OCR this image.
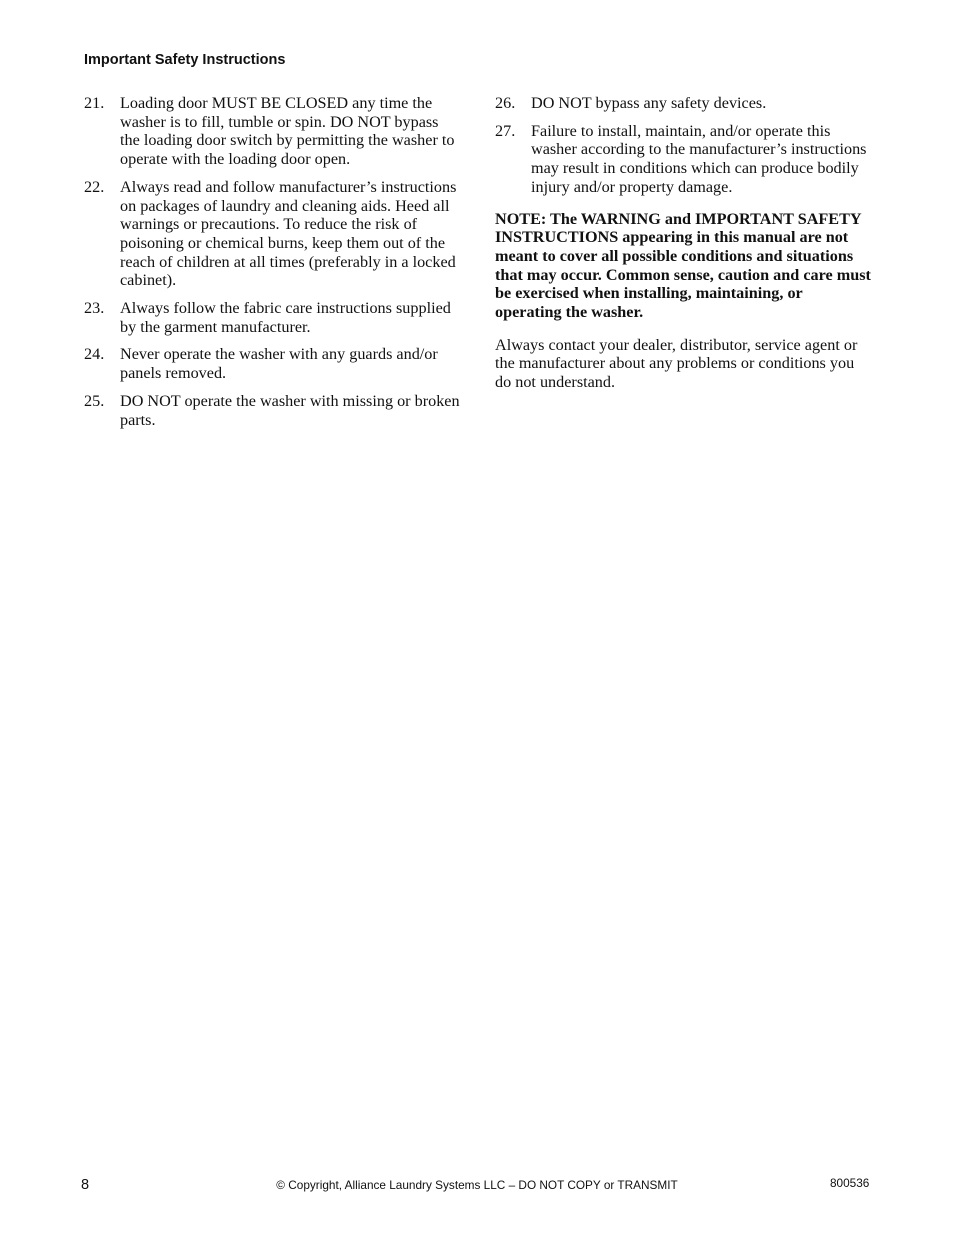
Important Safety Instructions
21. Loading door MUST BE CLOSED any time the washer is to fill, tumble or spin. DO NOT bypass the loading door switch by permitting the washer to operate with the loading door open.
22. Always read and follow manufacturer’s instructions on packages of laundry and cleaning aids. Heed all warnings or precautions. To reduce the risk of poisoning or chemical burns, keep them out of the reach of children at all times (preferably in a locked cabinet).
23. Always follow the fabric care instructions supplied by the garment manufacturer.
24. Never operate the washer with any guards and/or panels removed.
25. DO NOT operate the washer with missing or broken parts.
26. DO NOT bypass any safety devices.
27. Failure to install, maintain, and/or operate this washer according to the manufacturer’s instructions may result in conditions which can produce bodily injury and/or property damage.

NOTE: The WARNING and IMPORTANT SAFETY INSTRUCTIONS appearing in this manual are not meant to cover all possible conditions and situations that may occur. Common sense, caution and care must be exercised when installing, maintaining, or operating the washer.

Always contact your dealer, distributor, service agent or the manufacturer about any problems or conditions you do not understand.

8	© Copyright, Alliance Laundry Systems LLC – DO NOT COPY or TRANSMIT	800536
